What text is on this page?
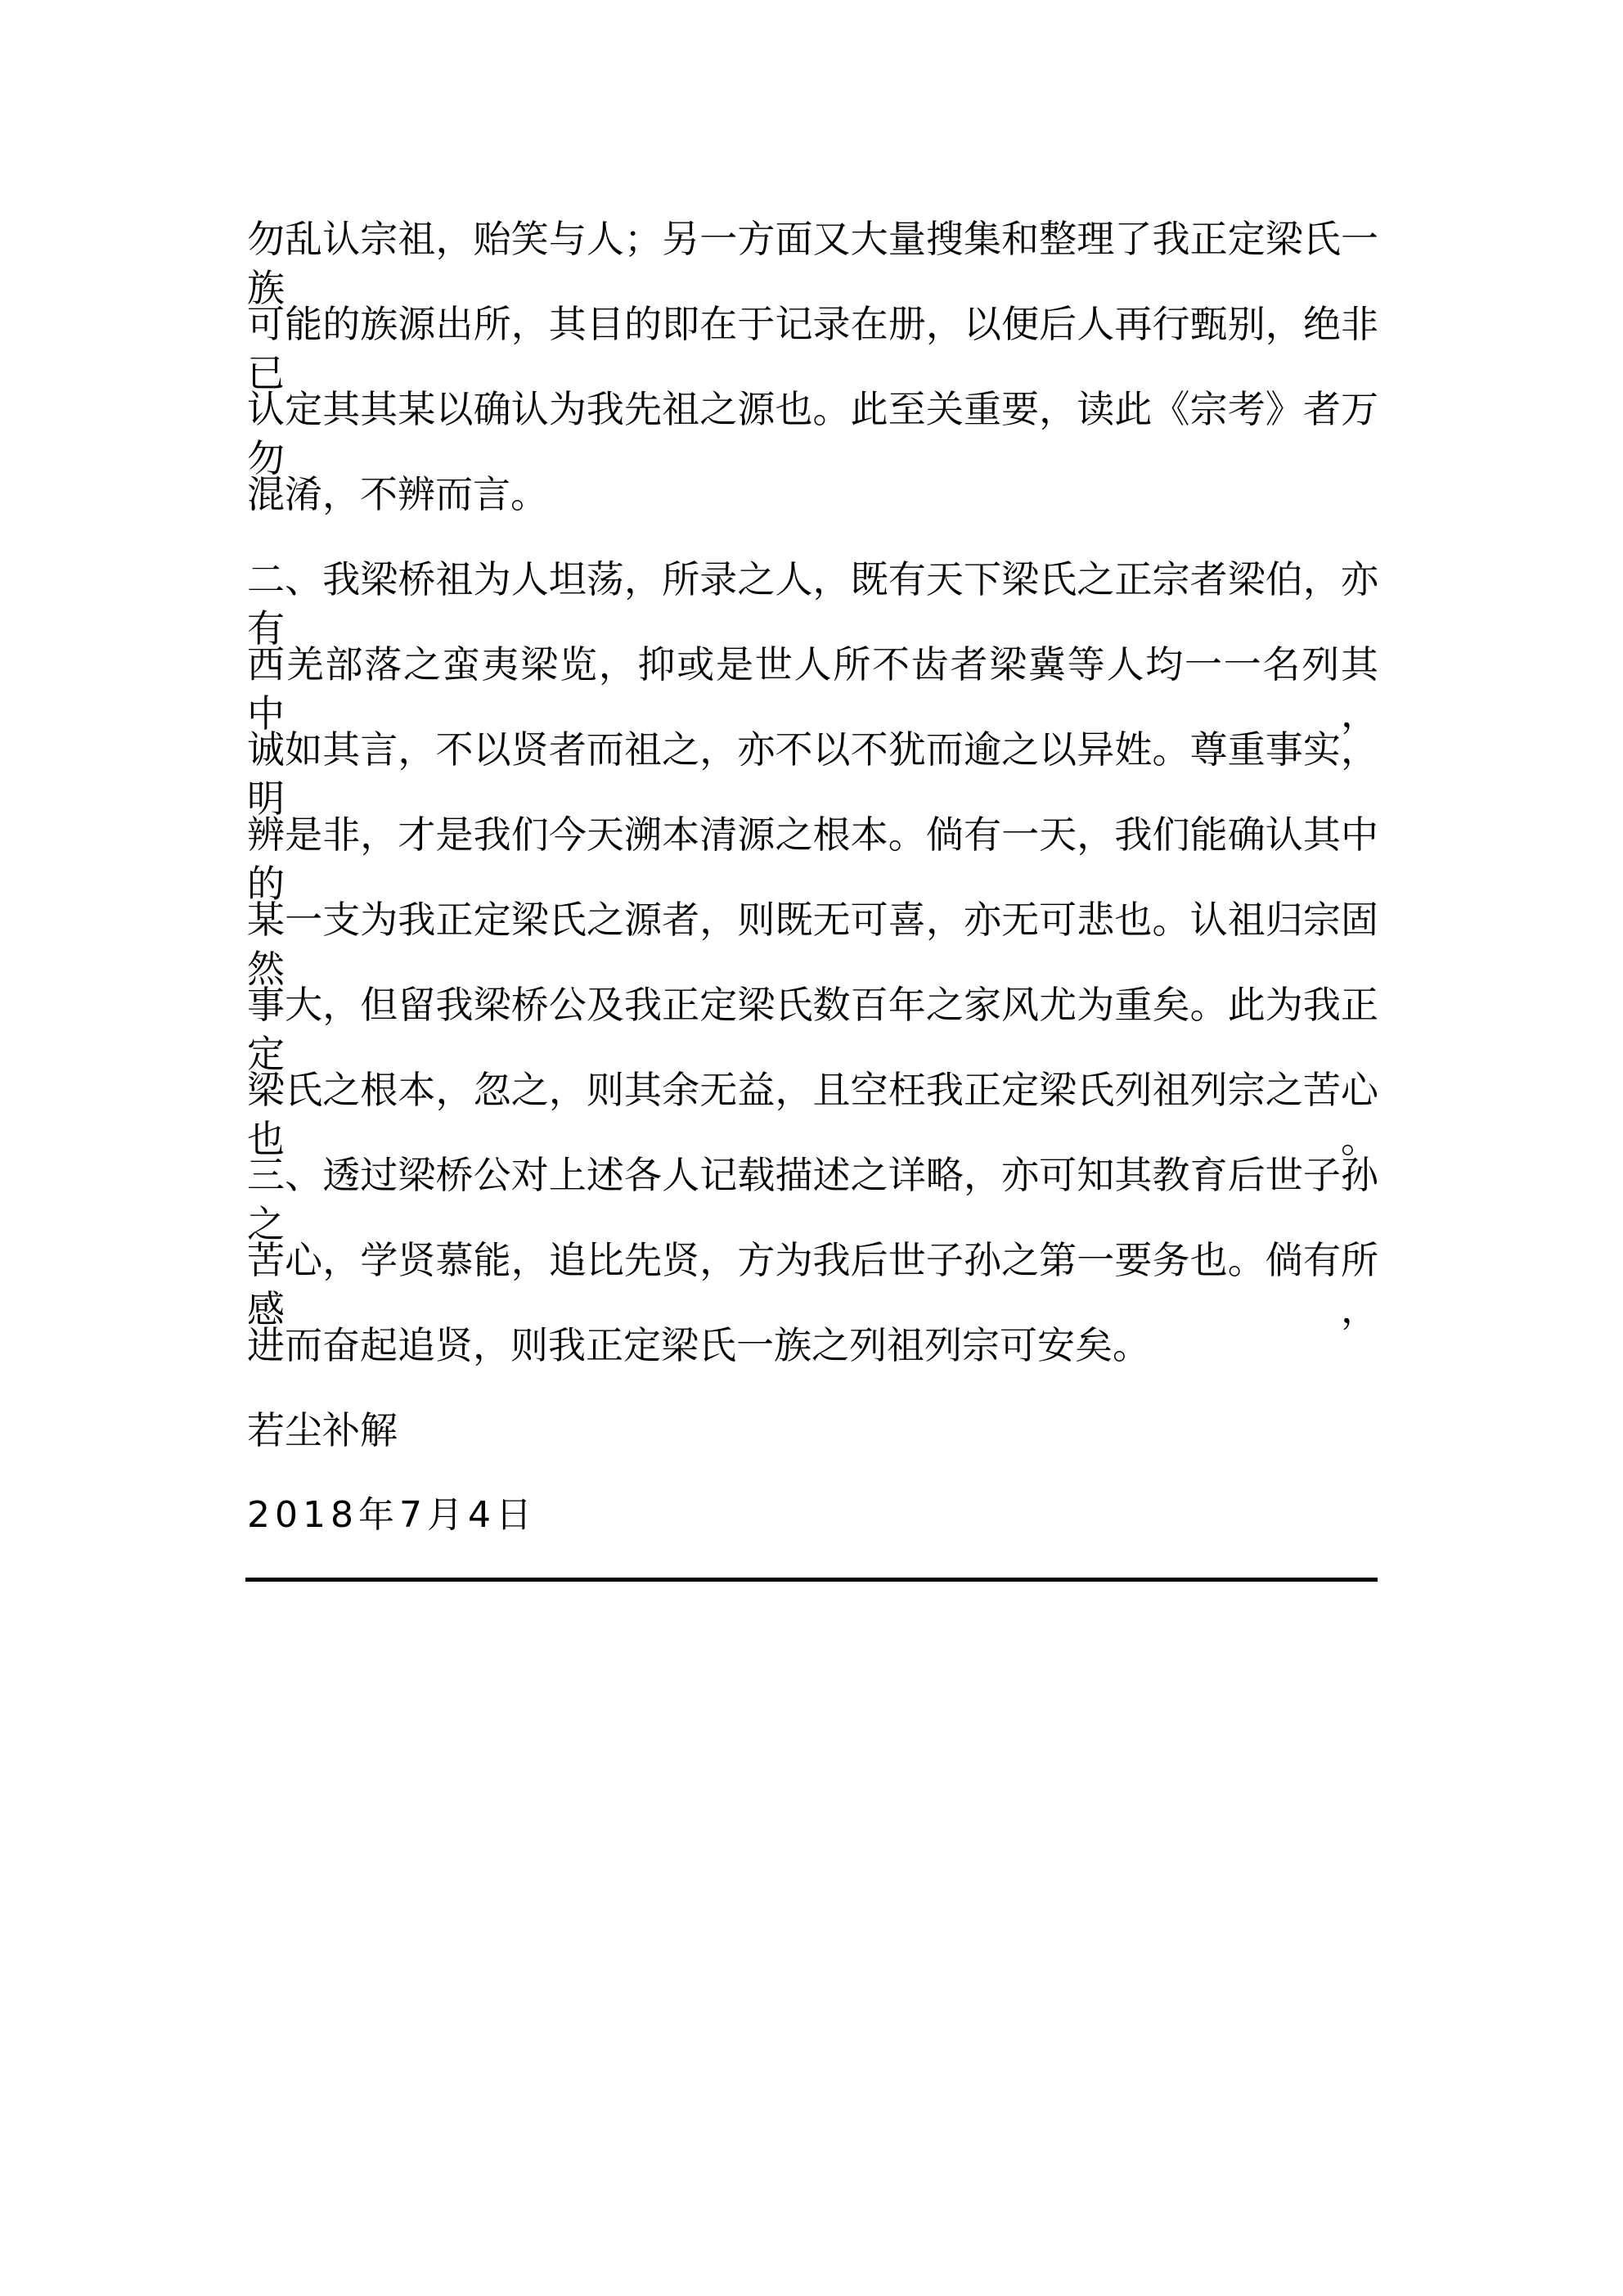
勿乱认宗祖，贻笑与人；另一方面又大量搜集和整理了我正定梁氏一族
可能的族源出所，其目的即在于记录在册，以便后人再行甄别，绝非已
认定其其某以确认为我先祖之源也。此至关重要，读此《宗考》者万勿
混淆，不辨而言。
二、我梁桥祖为人坦荡，所录之人，既有天下梁氏之正宗者梁伯，亦有
西羌部落之蛮夷梁览，抑或是世人所不齿者梁冀等人均一一名列其中，
诚如其言，不以贤者而祖之，亦不以不犹而逾之以异姓。尊重事实，明
辨是非，才是我们今天溯本清源之根本。倘有一天，我们能确认其中的
某一支为我正定梁氏之源者，则既无可喜，亦无可悲也。认祖归宗固然
事大，但留我梁桥公及我正定梁氏数百年之家风尤为重矣。此为我正定
梁氏之根本，忽之，则其余无益，且空枉我正定梁氏列祖列宗之苦心也。
三、透过梁桥公对上述各人记载描述之详略，亦可知其教育后世子孙之
苦心，学贤慕能，追比先贤，方为我后世子孙之第一要务也。倘有所感，
进而奋起追贤，则我正定梁氏一族之列祖列宗可安矣。
若尘补解
2018年7月4日
